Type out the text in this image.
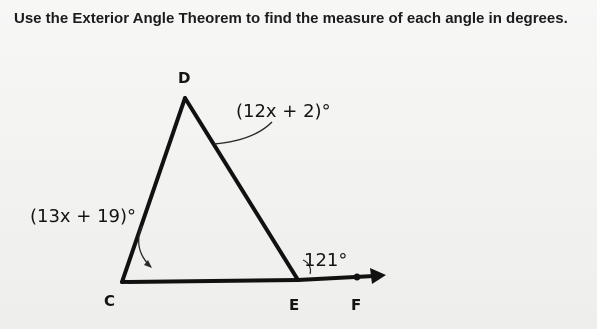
Use the Exterior Angle Theorem to find the measure of each angle in degrees.
D
C	E	F
(12x + 2)°
(13x + 19)°
121°
